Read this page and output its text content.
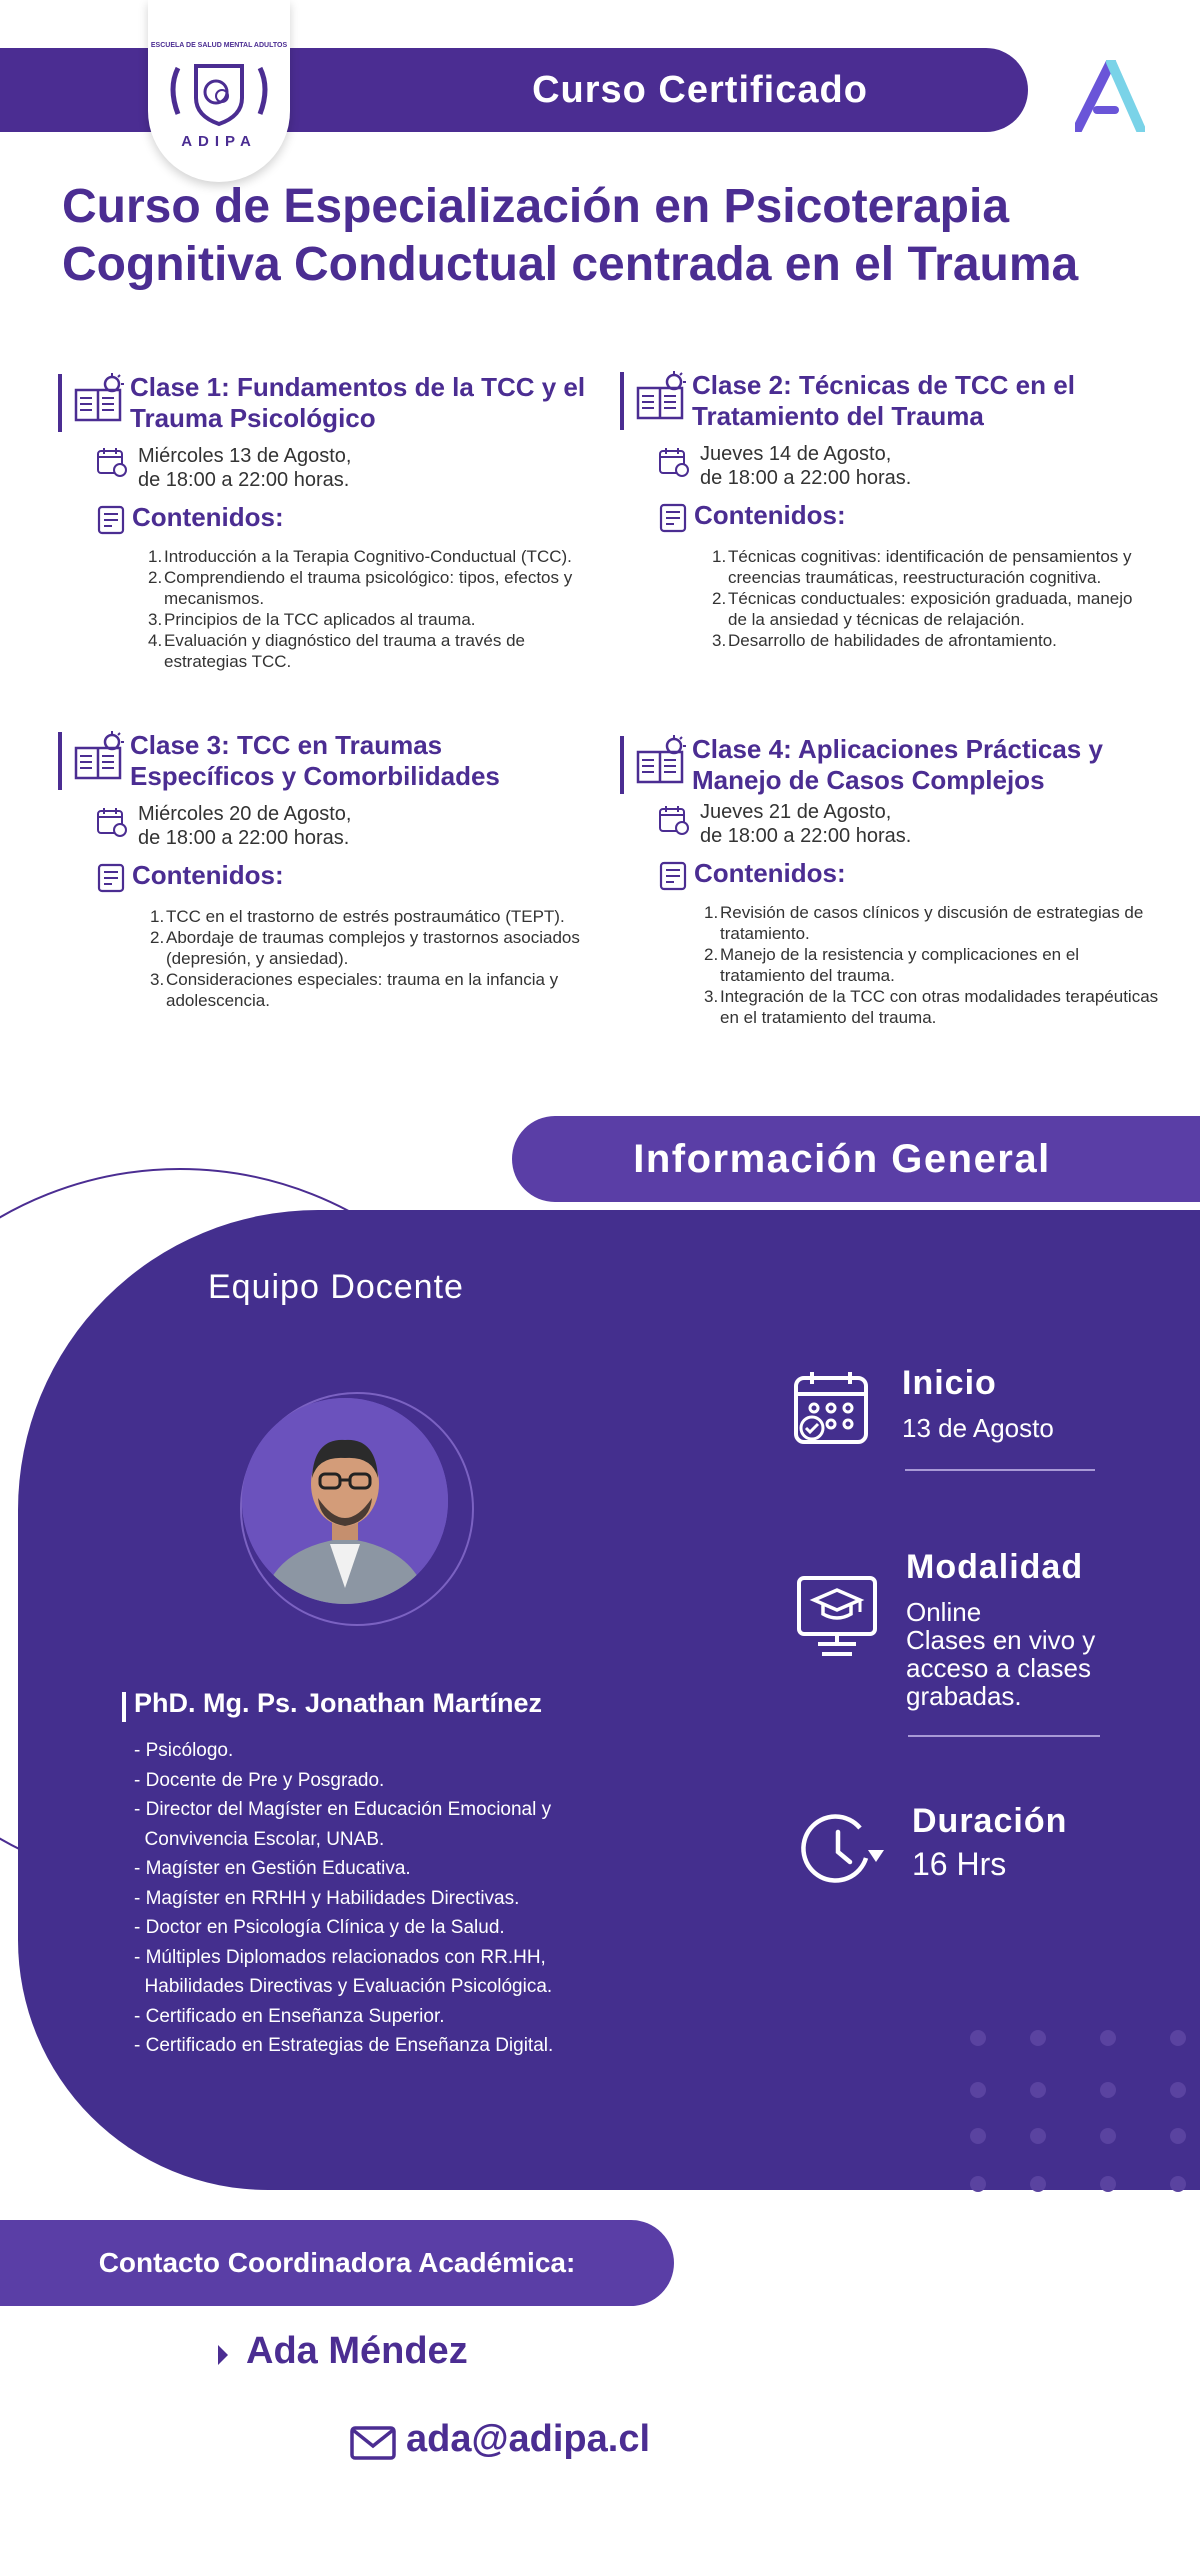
Curso Certificado
ESCUELA DE SALUD MENTAL ADULTOS
ADIPA
Curso de Especialización en Psicoterapia Cognitiva Conductual centrada en el Trauma
Clase 1: Fundamentos de la TCC y el Trauma Psicológico
Miércoles 13 de Agosto,
de 18:00 a 22:00 horas.
Contenidos:
1. Introducción a la Terapia Cognitivo-Conductual (TCC).
2. Comprendiendo el trauma psicológico: tipos, efectos y mecanismos.
3. Principios de la TCC aplicados al trauma.
4. Evaluación y diagnóstico del trauma a través de estrategias TCC.
Clase 2: Técnicas de TCC en el Tratamiento del Trauma
Jueves 14 de Agosto,
de 18:00 a 22:00 horas.
Contenidos:
1. Técnicas cognitivas: identificación de pensamientos y creencias traumáticas, reestructuración cognitiva.
2. Técnicas conductuales: exposición graduada, manejo de la ansiedad y técnicas de relajación.
3. Desarrollo de habilidades de afrontamiento.
Clase 3: TCC en Traumas Específicos y Comorbilidades
Miércoles 20 de Agosto,
de 18:00 a 22:00 horas.
Contenidos:
1. TCC en el trastorno de estrés postraumático (TEPT).
2. Abordaje de traumas complejos y trastornos asociados (depresión, y ansiedad).
3. Consideraciones especiales: trauma en la infancia y adolescencia.
Clase 4: Aplicaciones Prácticas y Manejo de Casos Complejos
Jueves 21 de Agosto,
de 18:00 a 22:00 horas.
Contenidos:
1. Revisión de casos clínicos y discusión de estrategias de tratamiento.
2. Manejo de la resistencia y complicaciones en el tratamiento del trauma.
3. Integración de la TCC con otras modalidades terapéuticas en el tratamiento del trauma.
Información General
Equipo Docente
PhD. Mg. Ps. Jonathan Martínez
- Psicólogo.
- Docente de Pre y Posgrado.
- Director del Magíster en Educación Emocional y
Convivencia Escolar, UNAB.
- Magíster en Gestión Educativa.
- Magíster en RRHH y Habilidades Directivas.
- Doctor en Psicología Clínica y de la Salud.
- Múltiples Diplomados relacionados con RR.HH,
Habilidades Directivas y Evaluación Psicológica.
- Certificado en Enseñanza Superior.
- Certificado en Estrategias de Enseñanza Digital.
Inicio
13 de Agosto
Modalidad
Online
Clases en vivo y
acceso a clases
grabadas.
Duración
16 Hrs
Contacto Coordinadora Académica:
Ada Méndez
ada@adipa.cl
